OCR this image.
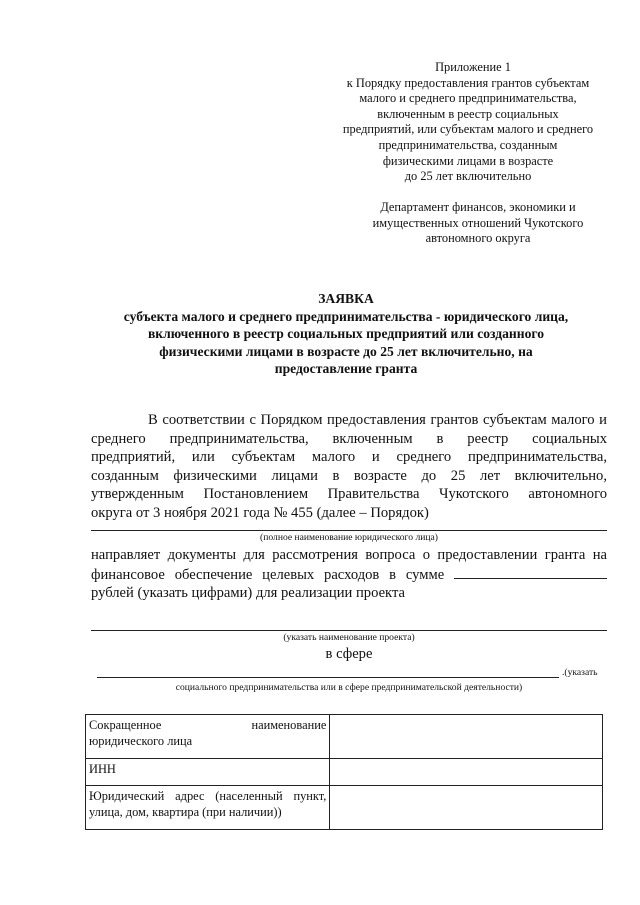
Приложение 1
к Порядку предоставления грантов субъектам
малого и среднего предпринимательства,
включенным в реестр социальных
предприятий, или субъектам малого и среднего
предпринимательства, созданным
физическими лицами в возрасте
до 25 лет включительно
Департамент финансов, экономики и
имущественных отношений Чукотского
автономного округа
ЗАЯВКА
субъекта малого и среднего предпринимательства - юридического лица,
включенного в реестр социальных предприятий или созданного
физическими лицами в возрасте до 25 лет включительно, на
предоставление гранта
В соответствии с Порядком предоставления грантов субъектам малого и
среднего предпринимательства, включенным в реестр социальных
предприятий, или субъектам малого и среднего предпринимательства,
созданным физическими лицами в возрасте до 25 лет включительно,
утвержденным Постановлением Правительства Чукотского автономного
округа от 3 ноября 2021 года № 455 (далее – Порядок)
(полное наименование юридического лица)
направляет документы для рассмотрения вопроса о предоставлении гранта на
финансовое обеспечение целевых расходов в сумме
рублей (указать цифрами) для реализации проекта
(указать наименование проекта)
в сфере
.(указать
социального предпринимательства или в сфере предпринимательской деятельности)
Сокращенное наименование
юридического лица	

ИНН	

Юридический адрес (населенный пункт,
улица, дом, квартира (при наличии))	
